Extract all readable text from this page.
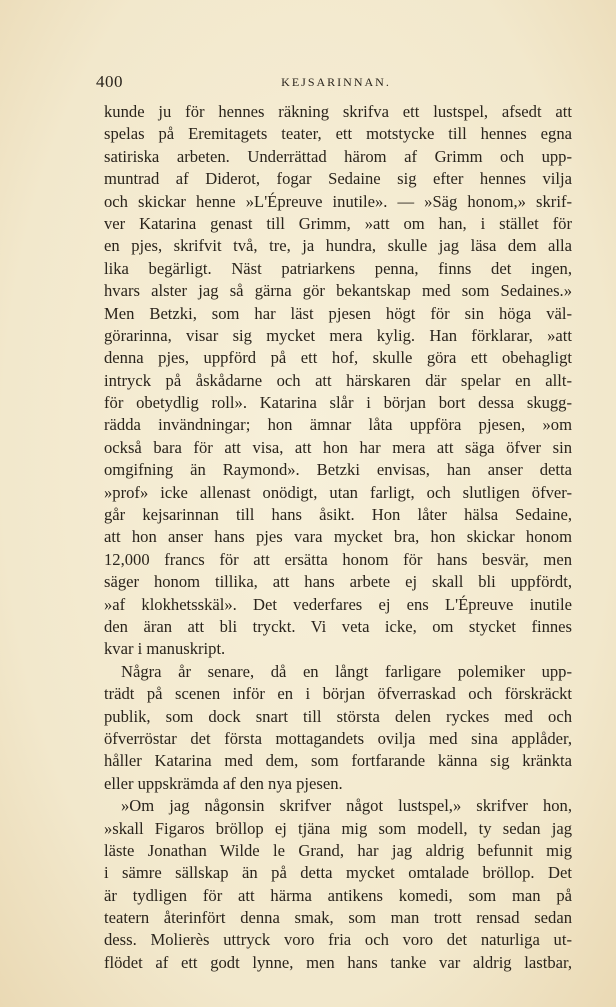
400	KEJSARINNAN.
kunde ju för hennes räkning skrifva ett lustspel, afsedt att
spelas på Eremitagets teater, ett motstycke till hennes egna
satiriska arbeten. Underrättad härom af Grimm och upp-
muntrad af Diderot, fogar Sedaine sig efter hennes vilja
och skickar henne »L'Épreuve inutile». — »Säg honom,» skrif-
ver Katarina genast till Grimm, »att om han, i stället för
en pjes, skrifvit två, tre, ja hundra, skulle jag läsa dem alla
lika begärligt. Näst patriarkens penna, finns det ingen,
hvars alster jag så gärna gör bekantskap med som Sedaines.»
Men Betzki, som har läst pjesen högt för sin höga väl-
görarinna, visar sig mycket mera kylig. Han förklarar, »att
denna pjes, uppförd på ett hof, skulle göra ett obehagligt
intryck på åskådarne och att härskaren där spelar en allt-
för obetydlig roll». Katarina slår i början bort dessa skugg-
rädda invändningar; hon ämnar låta uppföra pjesen, »om
också bara för att visa, att hon har mera att säga öfver sin
omgifning än Raymond». Betzki envisas, han anser detta
»prof» icke allenast onödigt, utan farligt, och slutligen öfver-
går kejsarinnan till hans åsikt. Hon låter hälsa Sedaine,
att hon anser hans pjes vara mycket bra, hon skickar honom
12,000 francs för att ersätta honom för hans besvär, men
säger honom tillika, att hans arbete ej skall bli uppfördt,
»af klokhetsskäl». Det vederfares ej ens L'Épreuve inutile
den äran att bli tryckt. Vi veta icke, om stycket finnes
kvar i manuskript.
Några år senare, då en långt farligare polemiker upp-
trädt på scenen inför en i början öfverraskad och förskräckt
publik, som dock snart till största delen ryckes med och
öfverröstar det första mottagandets ovilja med sina applåder,
håller Katarina med dem, som fortfarande känna sig kränkta
eller uppskrämda af den nya pjesen.
»Om jag någonsin skrifver något lustspel,» skrifver hon,
»skall Figaros bröllop ej tjäna mig som modell, ty sedan jag
läste Jonathan Wilde le Grand, har jag aldrig befunnit mig
i sämre sällskap än på detta mycket omtalade bröllop. Det
är tydligen för att härma antikens komedi, som man på
teatern återinfört denna smak, som man trott rensad sedan
dess. Molierès uttryck voro fria och voro det naturliga ut-
flödet af ett godt lynne, men hans tanke var aldrig lastbar,
